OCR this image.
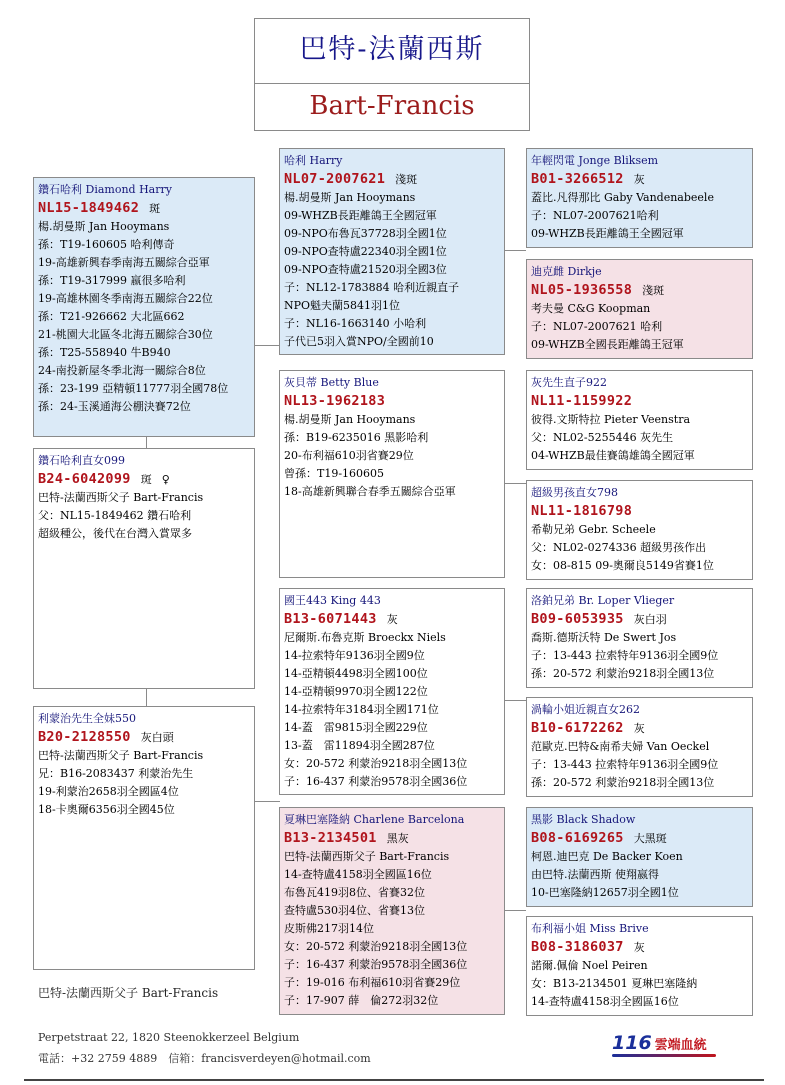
巴特-法蘭西斯
Bart-Francis
鑽石哈利 Diamond Harry
NL15-1849462 斑
楊.胡曼斯 Jan Hooymans
孫：T19-160605 哈利傳奇
19-高雄新興春季南海五關綜合亞軍
孫：T19-317999 嬴很多哈利
19-高雄林園冬季南海五關綜合22位
孫：T21-926662 大北區662
21-桃園大北區冬北海五關綜合30位
孫：T25-558940 牛B940
24-南投新屋冬季北海一關綜合8位
孫：23-199 亞精頓11777羽全國78位
孫：24-玉溪通海公棚決賽72位
鑽石哈利直女099
B24-6042099 斑 ♀
巴特-法蘭西斯父子 Bart-Francis
父：NL15-1849462 鑽石哈利
超級種公，後代在台灣入賞眾多
利蒙治先生全妹550
B20-2128550 灰白頭
巴特-法蘭西斯父子 Bart-Francis
兄：B16-2083437 利蒙治先生
19-利蒙治2658羽全國區4位
18-卡奧爾6356羽全國45位
哈利 Harry
NL07-2007621 淺斑
楊.胡曼斯 Jan Hooymans
09-WHZB長距離鴿王全國冠軍
09-NPO布魯瓦37728羽全國1位
09-NPO查特盧22340羽全國1位
09-NPO查特盧21520羽全國3位
子：NL12-1783884 哈利近親直子
NPO魁夫蘭5841羽1位
子：NL16-1663140 小哈利
子代已5羽入賞NPO/全國前10
灰貝蒂 Betty Blue
NL13-1962183
楊.胡曼斯 Jan Hooymans
孫：B19-6235016 黑影哈利
20-布利福610羽省賽29位
曾孫：T19-160605
18-高雄新興聯合春季五關綜合亞軍
國王443 King 443
B13-6071443 灰
尼爾斯.布魯克斯 Broeckx Niels
14-拉索特年9136羽全國9位
14-亞精頓4498羽全國100位
14-亞精頓9970羽全國122位
14-拉索特年3184羽全國171位
14-蓋　雷9815羽全國229位
13-蓋　雷11894羽全國287位
女：20-572 利蒙治9218羽全國13位
子：16-437 利蒙治9578羽全國36位
夏琳巴塞隆納 Charlene Barcelona
B13-2134501 黑灰
巴特-法蘭西斯父子 Bart-Francis
14-查特盧4158羽全國區16位
布魯瓦419羽8位、省賽32位
查特盧530羽4位、省賽13位
皮斯佛217羽14位
女：20-572 利蒙治9218羽全國13位
子：16-437 利蒙治9578羽全國36位
子：19-016 布利福610羽省賽29位
子：17-907 薛　倫272羽32位
年輕閃電 Jonge Bliksem
B01-3266512 灰
蓋比.凡得那比 Gaby Vandenabeele
子：NL07-2007621哈利
09-WHZB長距離鴿王全國冠軍
迪克雌 Dirkje
NL05-1936558 淺斑
考夫曼 C&G Koopman
子：NL07-2007621 哈利
09-WHZB全國長距離鴿王冠軍
灰先生直子922
NL11-1159922
彼得.文斯特拉 Pieter Veenstra
父：NL02-5255446 灰先生
04-WHZB最佳賽鴿雄鴿全國冠軍
超級男孩直女798
NL11-1816798
希勒兄弟 Gebr. Scheele
父：NL02-0274336 超級男孩作出
女：08-815 09-奧爾良5149省賽1位
洛鉑兄弟 Br. Loper Vlieger
B09-6053935 灰白羽
喬斯.德斯沃特 De Swert Jos
子：13-443 拉索特年9136羽全國9位
孫：20-572 利蒙治9218羽全國13位
渦輪小姐近親直女262
B10-6172262 灰
范歐克.巴特&南希夫婦 Van Oeckel
子：13-443 拉索特年9136羽全國9位
孫：20-572 利蒙治9218羽全國13位
黑影 Black Shadow
B08-6169265 大黑斑
柯恩.迪巴克 De Backer Koen
由巴特.法蘭西斯 使翔嬴得
10-巴塞隆納12657羽全國1位
布利福小姐 Miss Brive
B08-3186037 灰
諾爾.佩倫 Noel Peiren
女：B13-2134501 夏琳巴塞隆納
14-查特盧4158羽全國區16位
巴特-法蘭西斯父子 Bart-Francis
Perpetstraat 22, 1820 Steenokkerzeel Belgium
電話：+32 2759 4889　信箱：francisverdeyen@hotmail.com
116 雲端血統
